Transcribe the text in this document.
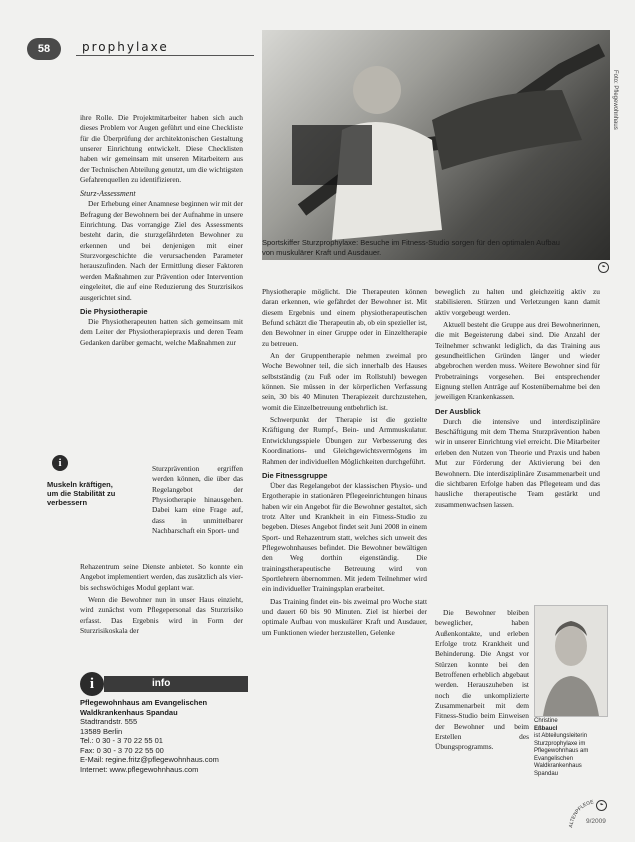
58	prophylaxe
Foto: Pflegewohnhaus
Sportskiffer Sturzprophylaxe: Besuche im Fitness-Studio sorgen für den optimalen Aufbau von muskulärer Kraft und Ausdauer.
⌁

ihre Rolle. Die Projektmitarbeiter haben sich auch dieses Problem vor Augen geführt und eine Checkliste für die Überprüfung der architektonischen Gestaltung unserer Einrichtung entwickelt. Diese Checklisten haben wir gemeinsam mit unseren Mitarbeitern aus der Technischen Abteilung genutzt, um die wichtigsten Gefahrenquellen zu identifizieren.

Sturz-Assessment

Der Erhebung einer Anamnese beginnen wir mit der Befragung der Bewohnern bei der Aufnahme in unsere Einrichtung. Das vorrangige Ziel des Assessments besteht darin, die sturzgefährdeten Bewohner zu erkennen und bei denjenigen mit einer Sturzvorgeschichte die verursachenden Parameter herauszufinden. Nach der Ermittlung dieser Faktoren werden Maßnahmen zur Prävention oder Intervention eingeleitet, die auf eine Reduzierung des Sturzrisikos ausgerichtet sind.

Die Physiotherapie

Die Physiotherapeuten hatten sich gemeinsam mit dem Leiter der Physiotherapiepraxis und deren Team Gedanken darüber gemacht, welche Maßnahmen zur

i
Muskeln kräftigen, um die Stabilität zu verbessern

Sturzprävention ergriffen werden können, die über das Regelangebot der Physiotherapie hinausgehen. Dabei kam eine Frage auf, dass in unmittelbarer Nachbarschaft ein Sport- und

Rehazentrum seine Dienste anbietet. So konnte ein Angebot implementiert werden, das zusätzlich als vier- bis sechswöchiges Modul geplant war.

Wenn die Bewohner nun in unser Haus einzieht, wird zunächst vom Pflegepersonal das Sturzrisiko erfasst. Das Ergebnis wird in Form der Sturzrisikoskala der

i	info
Pflegewohnhaus am Evangelischen Waldkrankenhaus Spandau
Stadtrandstr. 555
13589 Berlin
Tel.: 0 30 - 3 70 22 55 01
Fax: 0 30 - 3 70 22 55 00
E-Mail: regine.fritz@pflegewohnhaus.com
Internet: www.pflegewohnhaus.com

Physiotherapie möglicht. Die Therapeuten können daran erkennen, wie gefährdet der Bewohner ist. Mit diesem Ergebnis und einem physiotherapeutischen Befund schätzt die Therapeutin ab, ob ein spezieller ist, den Bewohner in einer Gruppe oder in Einzeltherapie zu betreuen.

An der Gruppentherapie nehmen zweimal pro Woche Bewohner teil, die sich innerhalb des Hauses selbstständig (zu Fuß oder im Rollstuhl) bewegen können. Sie müssen in der körperlichen Verfassung sein, 30 bis 40 Minuten Therapiezeit durchzustehen, womit die Einzelbetreuung entbehrlich ist.

Schwerpunkt der Therapie ist die gezielte Kräftigung der Rumpf-, Bein- und Armmuskulatur. Entwicklungsspiele Übungen zur Verbesserung des Koordinations- und Gleichgewichtsvermögens im Rahmen der individuellen Möglichkeiten durchgeführt.

Die Fitnessgruppe

Über das Regelangebot der klassischen Physio- und Ergotherapie in stationären Pflegeeinrichtungen hinaus haben wir ein Angebot für die Bewohner gestaltet, sich trotz Alter und Krankheit in ein Fitness-Studio zu begeben. Dieses Angebot findet seit Juni 2008 in einem Sport- und Rehazentrum statt, welches sich unweit des Pflegewohnhauses befindet. Die Bewohner bewältigen den Weg dorthin eigenständig. Die trainingstherapeutische Betreuung wird von Sportlehrern übernommen. Mit jedem Teilnehmer wird ein individueller Trainingsplan erarbeitet.

Das Training findet ein- bis zweimal pro Woche statt und dauert 60 bis 90 Minuten. Ziel ist hierbei der optimale Aufbau von muskulärer Kraft und Ausdauer, um Funktionen wieder herzustellen, Gelenke

beweglich zu halten und gleichzeitig aktiv zu stabilisieren. Stürzen und Verletzungen kann damit aktiv vorgebeugt werden.

Aktuell besteht die Gruppe aus drei Bewohnerinnen, die mit Begeisterung dabei sind. Die Anzahl der Teilnehmer schwankt lediglich, da das Training aus gesundheitlichen Gründen länger und wieder abgebrochen werden muss. Weitere Bewohner sind für Probetrainings vorgesehen. Bei entsprechender Eignung stellen Anträge auf Kostenübernahme bei den jeweiligen Krankenkassen.

Der Ausblick

Durch die intensive und interdisziplinäre Beschäftigung mit dem Thema Sturzprävention haben wir in unserer Einrichtung viel erreicht. Die Mitarbeiter erleben den Nutzen von Theorie und Praxis und haben Mut zur Förderung der Aktivierung bei den Bewohnern. Die interdisziplinäre Zusammenarbeit und die sichtbaren Erfolge haben das Pflegeteam und das hausliche therapeutische Team gestärkt und zusammenwachsen lassen.

Die Bewohner bleiben beweglicher, haben Außenkontakte, und erleben Erfolge trotz Krankheit und Behinderung. Die Angst vor Stürzen konnte bei den Betroffenen erheblich abgebaut werden. Herauszuheben ist noch die unkomplizierte Zusammenarbeit mit dem Fitness-Studio beim Einweisen der Bewohner und beim Erstellen des Übungsprogramms.

Christine
Eßbaucl
ist Abteilungsleiterin Sturzprophylaxe im Pflegewohnhaus am Evangelischen Waldkrankenhaus Spandau
⌁
ALTENPFLEGE
9/2009
